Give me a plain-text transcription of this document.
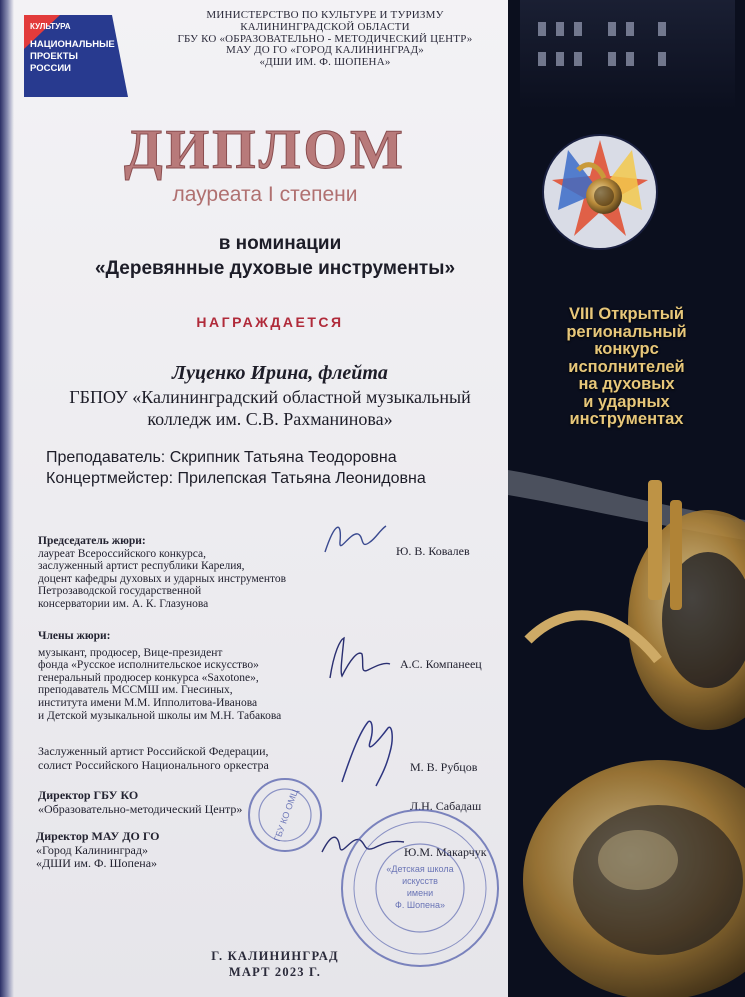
КУЛЬТУРА
НАЦИОНАЛЬНЫЕ
ПРОЕКТЫ
РОССИИ
МИНИСТЕРСТВО ПО КУЛЬТУРЕ И ТУРИЗМУ
КАЛИНИНГРАДСКОЙ ОБЛАСТИ
ГБУ КО «ОБРАЗОВАТЕЛЬНО - МЕТОДИЧЕСКИЙ ЦЕНТР»
МАУ ДО ГО «ГОРОД КАЛИНИНГРАД»
«ДШИ ИМ. Ф. ШОПЕНА»
ДИПЛОМ
лауреата I степени
в номинации
«Деревянные духовые инструменты»
НАГРАЖДАЕТСЯ
Луценко Ирина, флейта
ГБПОУ «Калининградский областной музыкальный
колледж им. С.В. Рахманинова»
Преподаватель: Скрипник Татьяна Теодоровна
Концертмейстер: Прилепская Татьяна Леонидовна
Председатель жюри:
лауреат Всероссийского конкурса,
заслуженный артист республики Карелия,
доцент кафедры духовых и ударных инструментов
Петрозаводской государственной
консерватории им. А. К. Глазунова
Ю. В. Ковалев
Члены жюри:
музыкант, продюсер, Вице-президент
фонда «Русское исполнительское искусство»
генеральный продюсер конкурса «Saxotone»,
преподаватель МССМШ им. Гнесиных,
института имени М.М. Ипполитова-Иванова
и Детской музыкальной школы им М.Н. Табакова
А.С. Компанеец
Заслуженный артист Российской Федерации,
солист Российского Национального оркестра	М. В. Рубцов
Директор ГБУ КО
«Образовательно-методический Центр»	Л.Н. Сабадаш
Директор МАУ ДО ГО
«Город Калининград»
«ДШИ им. Ф. Шопена»
Ю.М. Макарчук
ГБУ КО ОМЦ
«Детская школа
искусств
имени
Ф. Шопена»
Г. КАЛИНИНГРАД
МАРТ 2023 Г.
VIII Открытый
региональный
конкурс
исполнителей
на духовых
и ударных
инструментах
